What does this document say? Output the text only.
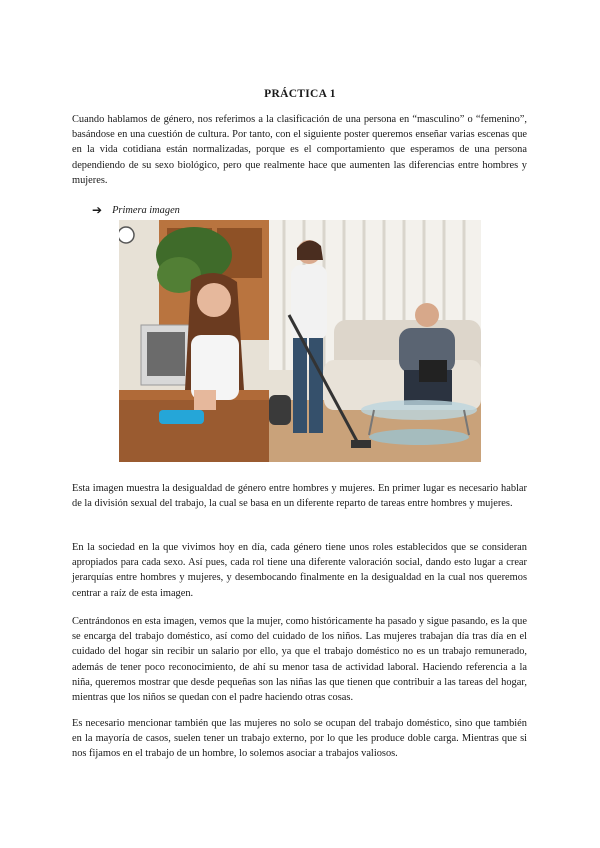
PRÁCTICA 1
Cuando hablamos de género, nos referimos a la clasificación de una persona en “masculino” o “femenino”, basándose en una cuestión de cultura. Por tanto, con el siguiente poster queremos enseñar varias escenas que en la vida cotidiana están normalizadas, porque es el comportamiento que esperamos de una persona dependiendo de su sexo biológico, pero que realmente hace que aumenten las diferencias entre hombres y mujeres.
➔ Primera imagen
Esta imagen muestra la desigualdad de género entre hombres y mujeres. En primer lugar es necesario hablar de la división sexual del trabajo, la cual se basa en un diferente reparto de tareas entre hombres y mujeres.
En la sociedad en la que vivimos hoy en día, cada género tiene unos roles establecidos que se consideran apropiados para cada sexo. Así pues, cada rol tiene una diferente valoración social, dando esto lugar a crear jerarquías entre hombres y mujeres, y desembocando finalmente en la desigualdad en la cual nos queremos centrar a raíz de esta imagen.
Centrándonos en esta imagen, vemos que la mujer, como históricamente ha pasado y sigue pasando, es la que se encarga del trabajo doméstico, así como del cuidado de los niños. Las mujeres trabajan día tras día en el cuidado del hogar sin recibir un salario por ello, ya que el trabajo doméstico no es un trabajo remunerado, además de tener poco reconocimiento, de ahí su menor tasa de actividad laboral. Haciendo referencia a la niña, queremos mostrar que desde pequeñas son las niñas las que tienen que contribuir a las tareas del hogar, mientras que los niños se quedan con el padre haciendo otras cosas.
Es necesario mencionar también que las mujeres no solo se ocupan del trabajo doméstico, sino que también en la mayoría de casos, suelen tener un trabajo externo, por lo que les produce doble carga. Mientras que si nos fijamos en el trabajo de un hombre, lo solemos asociar a trabajos valiosos.
